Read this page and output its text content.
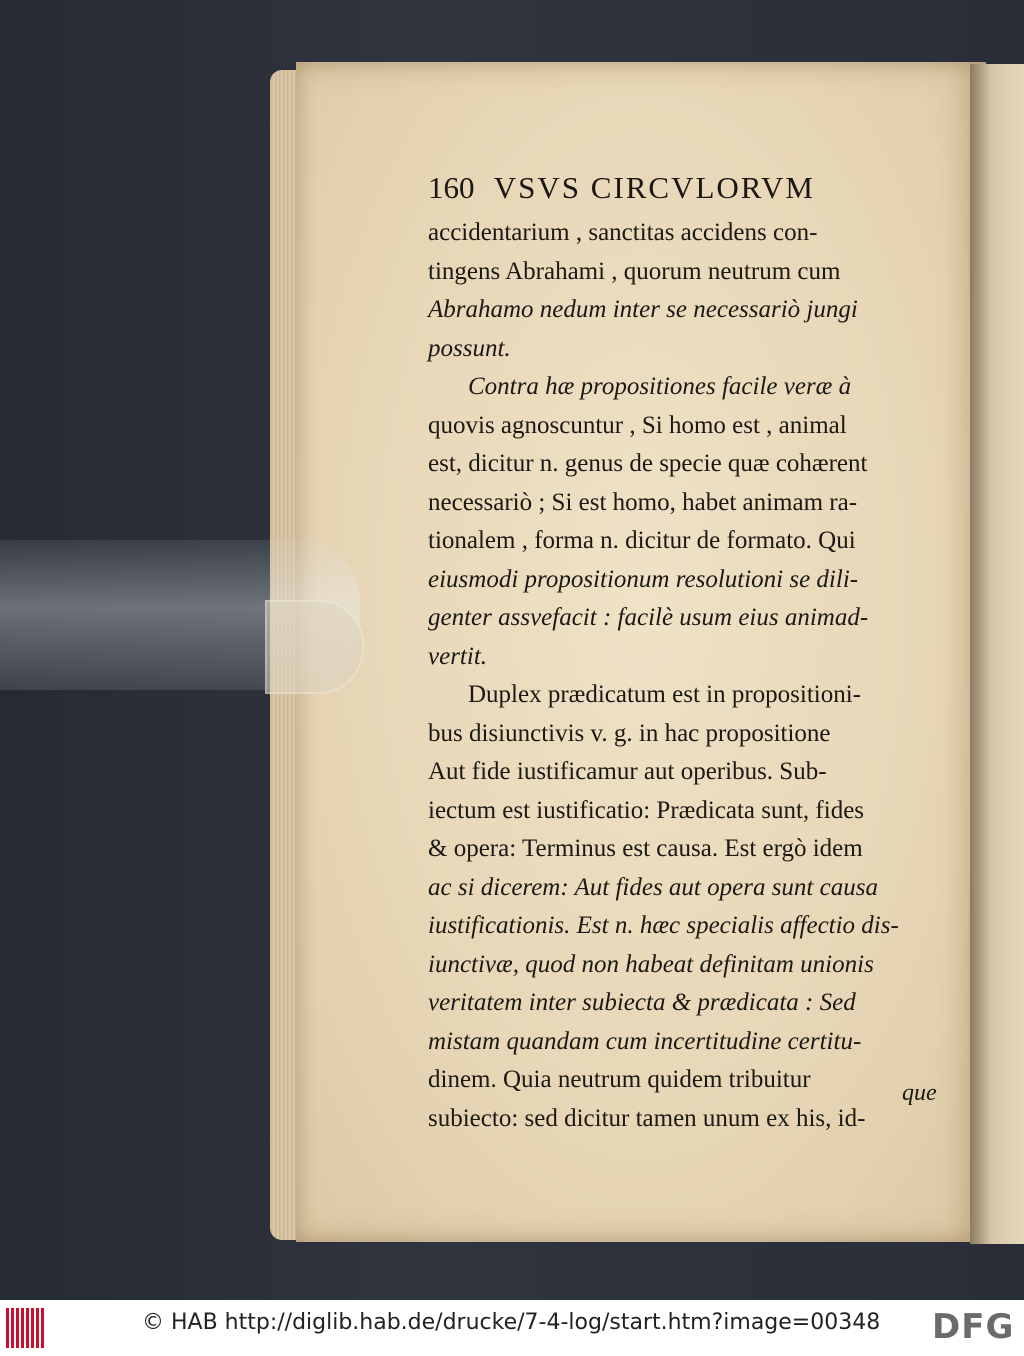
160 VSVS CIRCVLORVM
accidentarium , sanctitas accidens con-
tingens Abrahami , quorum neutrum cum
Abrahamo nedum inter se necessariò jungi
possunt.
Contra hæ propositiones facile veræ à
quovis agnoscuntur , Si homo est , animal
est, dicitur n. genus de specie quæ cohærent
necessariò ; Si est homo, habet animam ra-
tionalem , forma n. dicitur de formato. Qui
eiusmodi propositionum resolutioni se dili-
genter assvefacit : facilè usum eius animad-
vertit.
Duplex prædicatum est in propositioni-
bus disiunctivis v. g. in hac propositione
Aut fide iustificamur aut operibus. Sub-
iectum est iustificatio: Prædicata sunt, fides
& opera: Terminus est causa. Est ergò idem
ac si dicerem: Aut fides aut opera sunt causa
iustificationis. Est n. hæc specialis affectio dis-
iunctivæ, quod non habeat definitam unionis
veritatem inter subiecta & prædicata : Sed
mistam quandam cum incertitudine certitu-
dinem. Quia neutrum quidem tribuitur
subiecto: sed dicitur tamen unum ex his, id-
que
© HAB http://diglib.hab.de/drucke/7-4-log/start.htm?image=00348 DFG
